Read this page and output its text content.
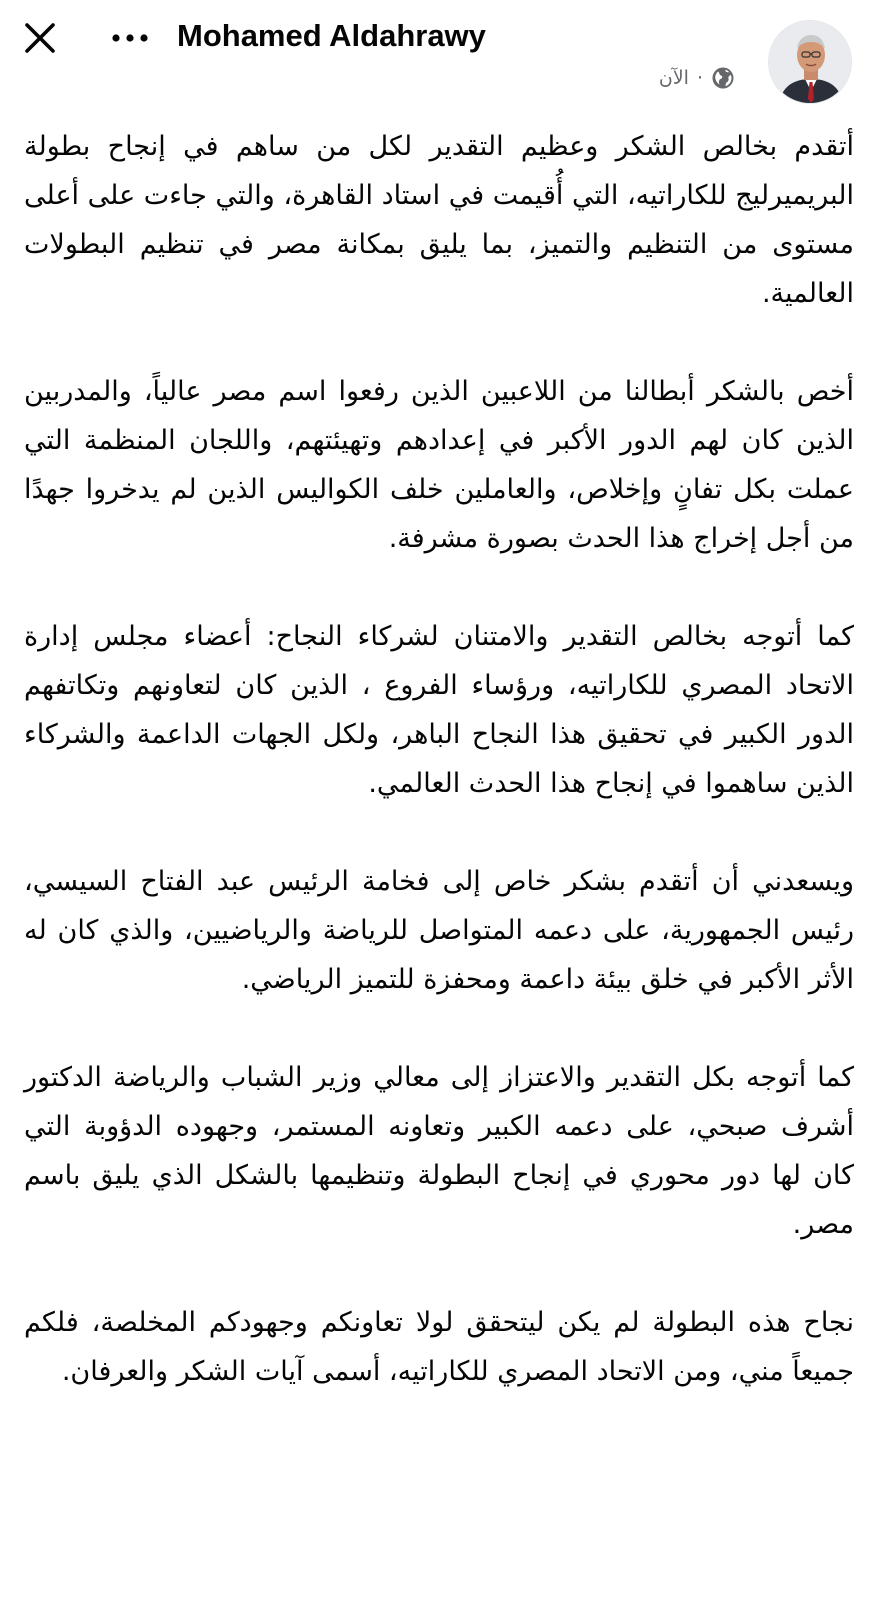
Mohamed Aldahrawy
الآن ·

أتقدم بخالص الشكر وعظيم التقدير لكل من ساهم في إنجاح بطولة البريميرليج للكاراتيه، التي أُقيمت في استاد القاهرة، والتي جاءت على أعلى مستوى من التنظيم والتميز، بما يليق بمكانة مصر في تنظيم البطولات العالمية.

أخص بالشكر أبطالنا من اللاعبين الذين رفعوا اسم مصر عالياً، والمدربين الذين كان لهم الدور الأكبر في إعدادهم وتهيئتهم، واللجان المنظمة التي عملت بكل تفانٍ وإخلاص، والعاملين خلف الكواليس الذين لم يدخروا جهدًا من أجل إخراج هذا الحدث بصورة مشرفة.

كما أتوجه بخالص التقدير والامتنان لشركاء النجاح: أعضاء مجلس إدارة الاتحاد المصري للكاراتيه، ورؤساء الفروع ، الذين كان لتعاونهم وتكاتفهم الدور الكبير في تحقيق هذا النجاح الباهر، ولكل الجهات الداعمة والشركاء الذين ساهموا في إنجاح هذا الحدث العالمي.

ويسعدني أن أتقدم بشكر خاص إلى فخامة الرئيس عبد الفتاح السيسي، رئيس الجمهورية، على دعمه المتواصل للرياضة والرياضيين، والذي كان له الأثر الأكبر في خلق بيئة داعمة ومحفزة للتميز الرياضي.

كما أتوجه بكل التقدير والاعتزاز إلى معالي وزير الشباب والرياضة الدكتور أشرف صبحي، على دعمه الكبير وتعاونه المستمر، وجهوده الدؤوبة التي كان لها دور محوري في إنجاح البطولة وتنظيمها بالشكل الذي يليق باسم مصر.

نجاح هذه البطولة لم يكن ليتحقق لولا تعاونكم وجهودكم المخلصة، فلكم جميعاً مني، ومن الاتحاد المصري للكاراتيه، أسمى آيات الشكر والعرفان.
